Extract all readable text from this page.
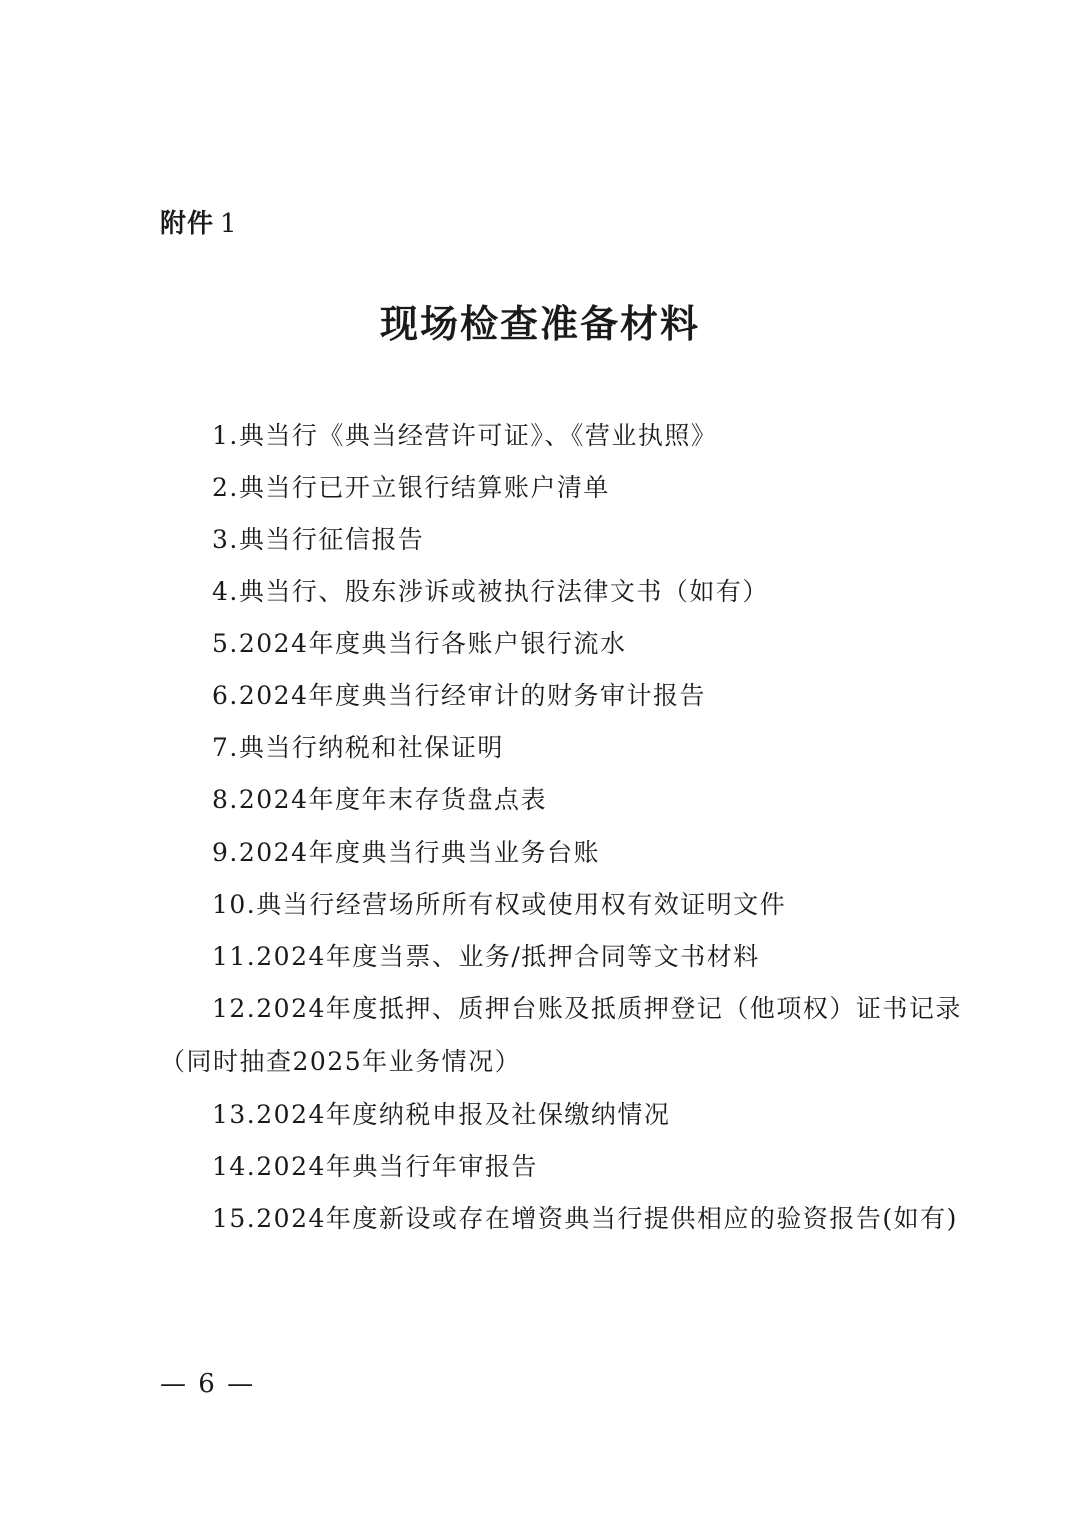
附件 1
现场检查准备材料
1.典当行《典当经营许可证》、《营业执照》
2.典当行已开立银行结算账户清单
3.典当行征信报告
4.典当行、股东涉诉或被执行法律文书（如有）
5.2024年度典当行各账户银行流水
6.2024年度典当行经审计的财务审计报告
7.典当行纳税和社保证明
8.2024年度年末存货盘点表
9.2024年度典当行典当业务台账
10.典当行经营场所所有权或使用权有效证明文件
11.2024年度当票、业务/抵押合同等文书材料
12.2024年度抵押、质押台账及抵质押登记（他项权）证书记录（同时抽查2025年业务情况）
13.2024年度纳税申报及社保缴纳情况
14.2024年典当行年审报告
15.2024年度新设或存在增资典当行提供相应的验资报告(如有)
— 6 —
